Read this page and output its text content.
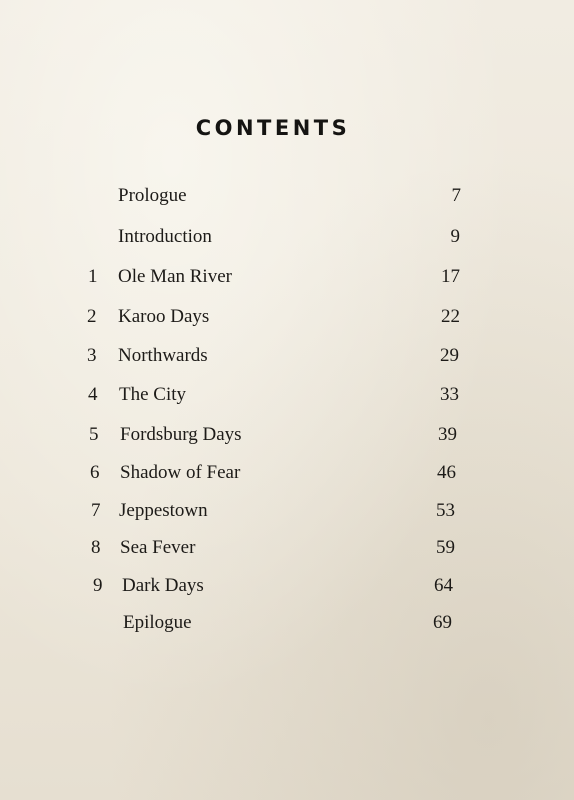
CONTENTS
Prologue	7
Introduction	9
1	Ole Man River	17
2	Karoo Days	22
3	Northwards	29
4	The City	33
5	Fordsburg Days	39
6	Shadow of Fear	46
7 Jeppestown	53
8	Sea Fever	59
9	Dark Days	64
Epilogue	69
